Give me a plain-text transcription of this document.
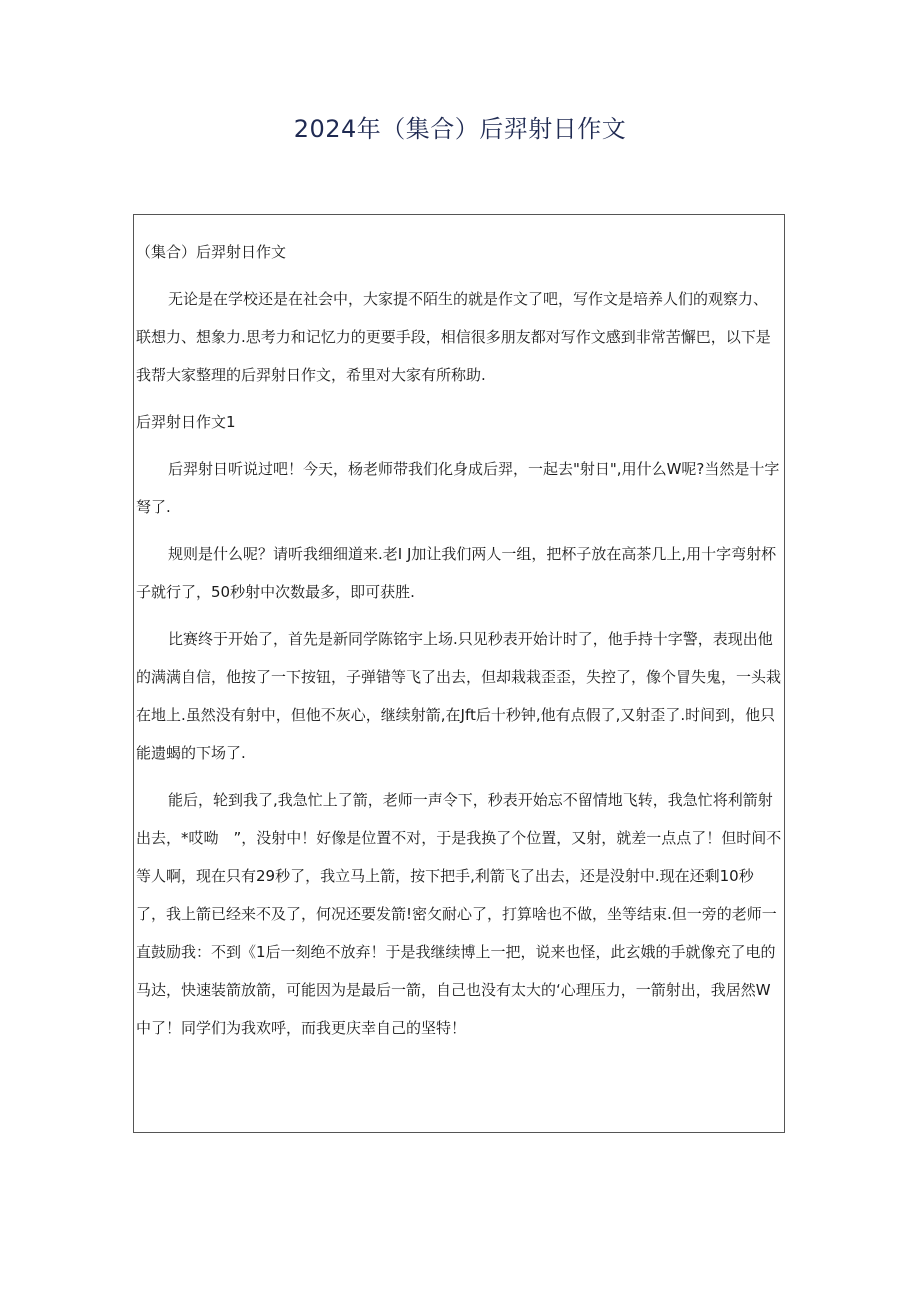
2024年（集合）后羿射日作文

（集合）后羿射日作文

无论是在学校还是在社会中，大家提不陌生的就是作文了吧，写作文是培养人们的观察力、联想力、想象力.思考力和记忆力的更要手段，相信很多朋友都对写作文感到非常苦懈巴，以下是我帮大家整理的后羿射日作文，希里对大家有所称助.

后羿射日作文1

后羿射日听说过吧！今天，杨老师带我们化身成后羿，一起去"射日",用什么W呢?当然是十字弩了.

规则是什么呢？请听我细细道来.老I J加让我们两人一组，把杯子放在高茶几上,用十字弯射杯子就行了，50秒射中次数最多，即可获胜.

比赛终于开始了，首先是新同学陈铭宇上场.只见秒表开始计时了，他手持十字警，表现出他的满满自信，他按了一下按钮，子弹错等飞了出去，但却栽栽歪歪，失控了，像个冒失鬼，一头栽在地上.虽然没有射中，但他不灰心，继续射箭,在Jft后十秒钟,他有点假了,又射歪了.时间到，他只能遗蝎的下场了.

能后，轮到我了,我急忙上了箭，老师一声令下，秒表开始忘不留情地飞转，我急忙将利箭射出去，*哎呦　”，没射中！好像是位置不对，于是我换了个位置，又射，就差一点点了！但时间不等人啊，现在只有29秒了，我立马上箭，按下把手,利箭飞了出去，还是没射中.现在还剩10秒了，我上箭已经来不及了，何况还要发箭!密攵耐心了，打算啥也不做，坐等结束.但一旁的老师一直鼓励我：不到《1后一刻绝不放弃！于是我继续博上一把，说来也怪，此玄娥的手就像充了电的马达，快速装箭放箭，可能因为是最后一箭，自己也没有太大的‘心理压力，一箭射出，我居然W中了！同学们为我欢呼，而我更庆幸自己的坚特！
